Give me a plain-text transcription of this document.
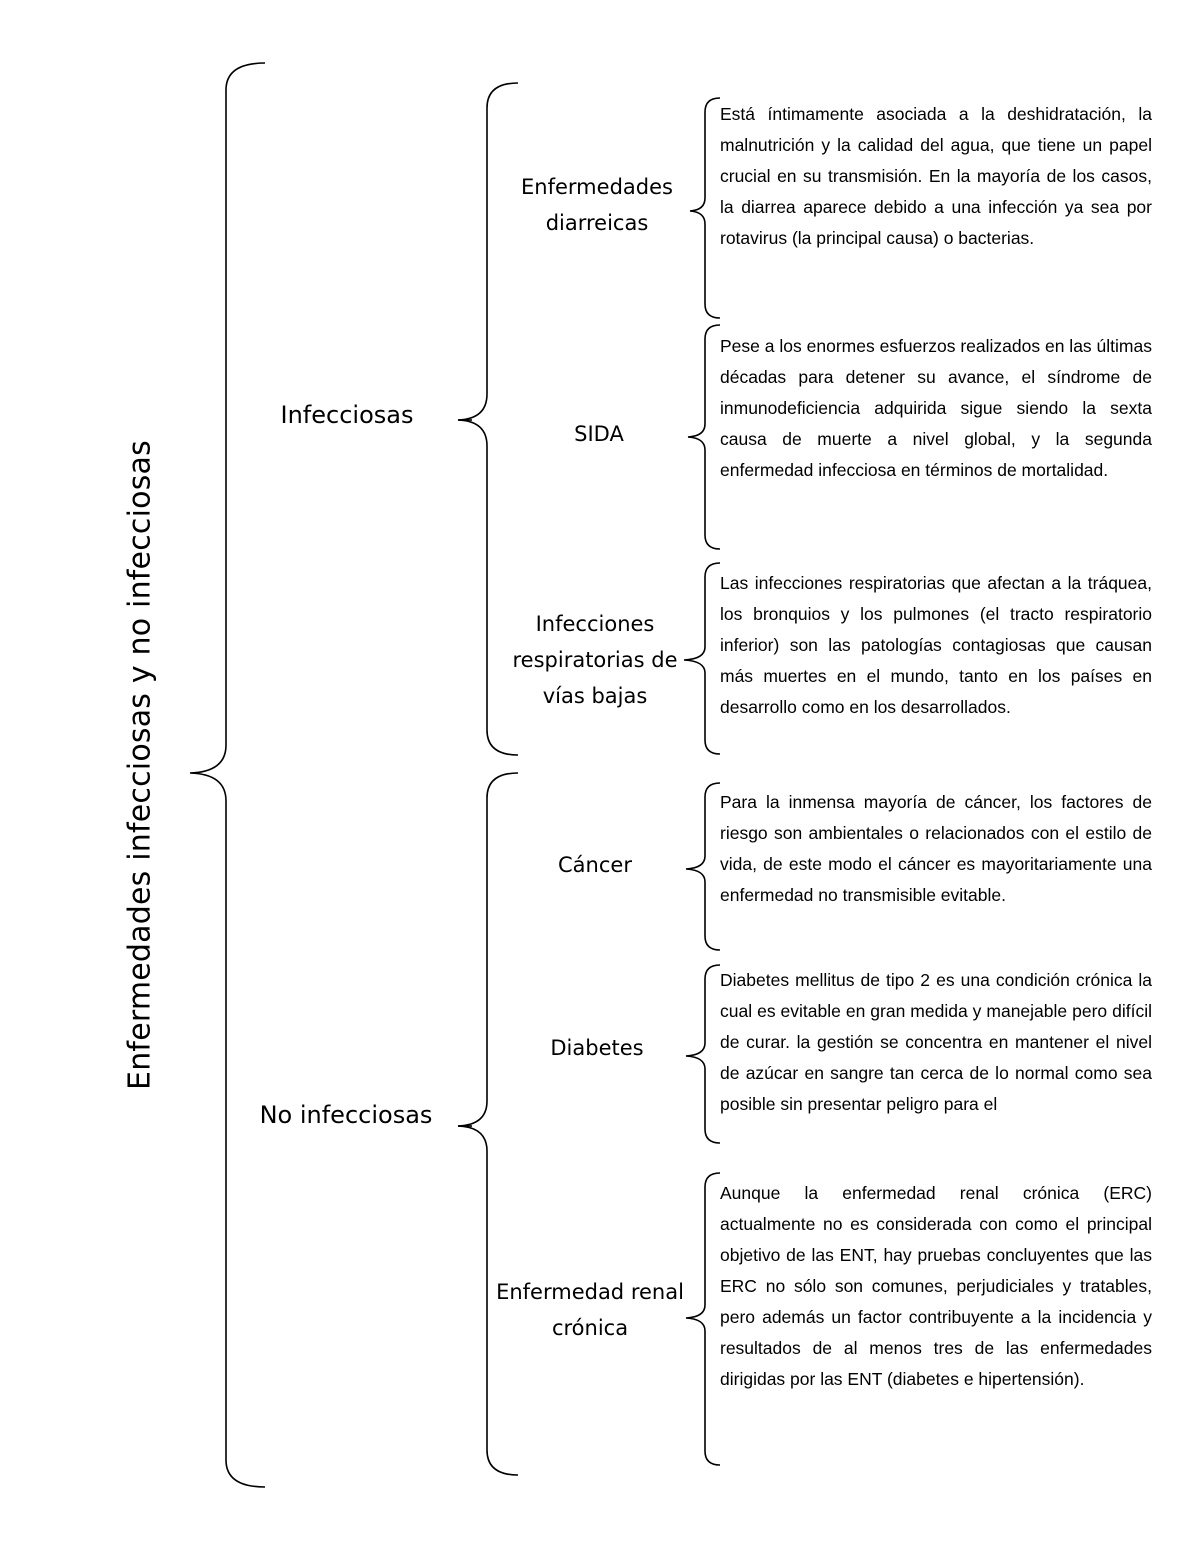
Enfermedades infecciosas y no infecciosas
Infecciosas
No infecciosas
Enfermedades diarreicas
SIDA
Infecciones respiratorias de vías bajas
Cáncer
Diabetes
Enfermedad renal crónica
Está íntimamente asociada a la deshidratación, la malnutrición y la calidad del agua, que tiene un papel crucial en su transmisión. En la mayoría de los casos, la diarrea aparece debido a una infección ya sea por rotavirus (la principal causa) o bacterias.
Pese a los enormes esfuerzos realizados en las últimas décadas para detener su avance, el síndrome de inmunodeficiencia adquirida sigue siendo la sexta causa de muerte a nivel global, y la segunda enfermedad infecciosa en términos de mortalidad.
Las infecciones respiratorias que afectan a la tráquea, los bronquios y los pulmones (el tracto respiratorio inferior) son las patologías contagiosas que causan más muertes en el mundo, tanto en los países en desarrollo como en los desarrollados.
Para la inmensa mayoría de cáncer, los factores de riesgo son ambientales o relacionados con el estilo de vida, de este modo el cáncer es mayoritariamente una enfermedad no transmisible evitable.
Diabetes mellitus de tipo 2 es una condición crónica la cual es evitable en gran medida y manejable pero difícil de curar. la gestión se concentra en mantener el nivel de azúcar en sangre tan cerca de lo normal como sea posible sin presentar peligro para el
Aunque la enfermedad renal crónica (ERC) actualmente no es considerada con como el principal objetivo de las ENT, hay pruebas concluyentes que las ERC no sólo son comunes, perjudiciales y tratables, pero además un factor contribuyente a la incidencia y resultados de al menos tres de las enfermedades dirigidas por las ENT (diabetes e hipertensión).
